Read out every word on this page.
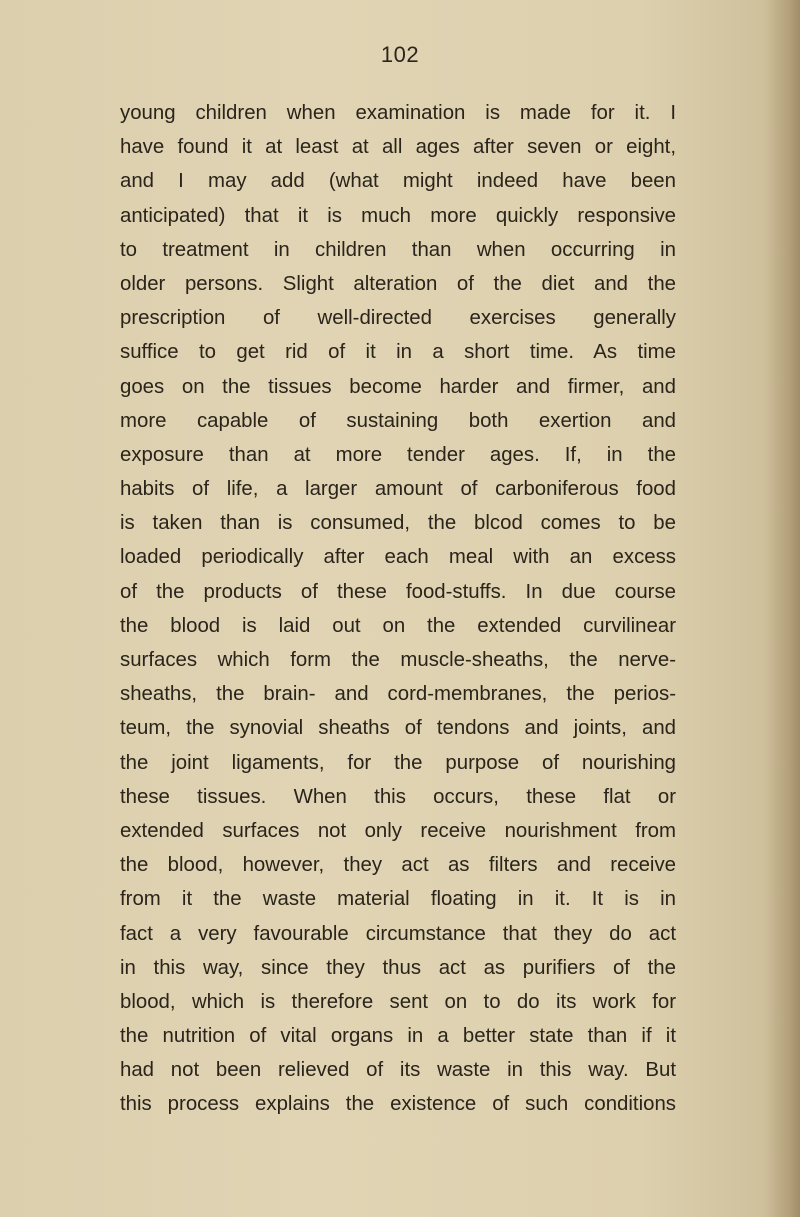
102
young children when examination is made for it. I
have found it at least at all ages after seven or eight,
and I may add (what might indeed have been
anticipated) that it is much more quickly responsive
to treatment in children than when occurring in
older persons. Slight alteration of the diet and the
prescription of well-directed exercises generally
suffice to get rid of it in a short time. As time
goes on the tissues become harder and firmer, and
more capable of sustaining both exertion and
exposure than at more tender ages. If, in the
habits of life, a larger amount of carboniferous food
is taken than is consumed, the blcod comes to be
loaded periodically after each meal with an excess
of the products of these food-stuffs. In due course
the blood is laid out on the extended curvilinear
surfaces which form the muscle-sheaths, the nerve-
sheaths, the brain- and cord-membranes, the perios-
teum, the synovial sheaths of tendons and joints, and
the joint ligaments, for the purpose of nourishing
these tissues. When this occurs, these flat or
extended surfaces not only receive nourishment from
the blood, however, they act as filters and receive
from it the waste material floating in it. It is in
fact a very favourable circumstance that they do act
in this way, since they thus act as purifiers of the
blood, which is therefore sent on to do its work for
the nutrition of vital organs in a better state than if it
had not been relieved of its waste in this way. But
this process explains the existence of such conditions
